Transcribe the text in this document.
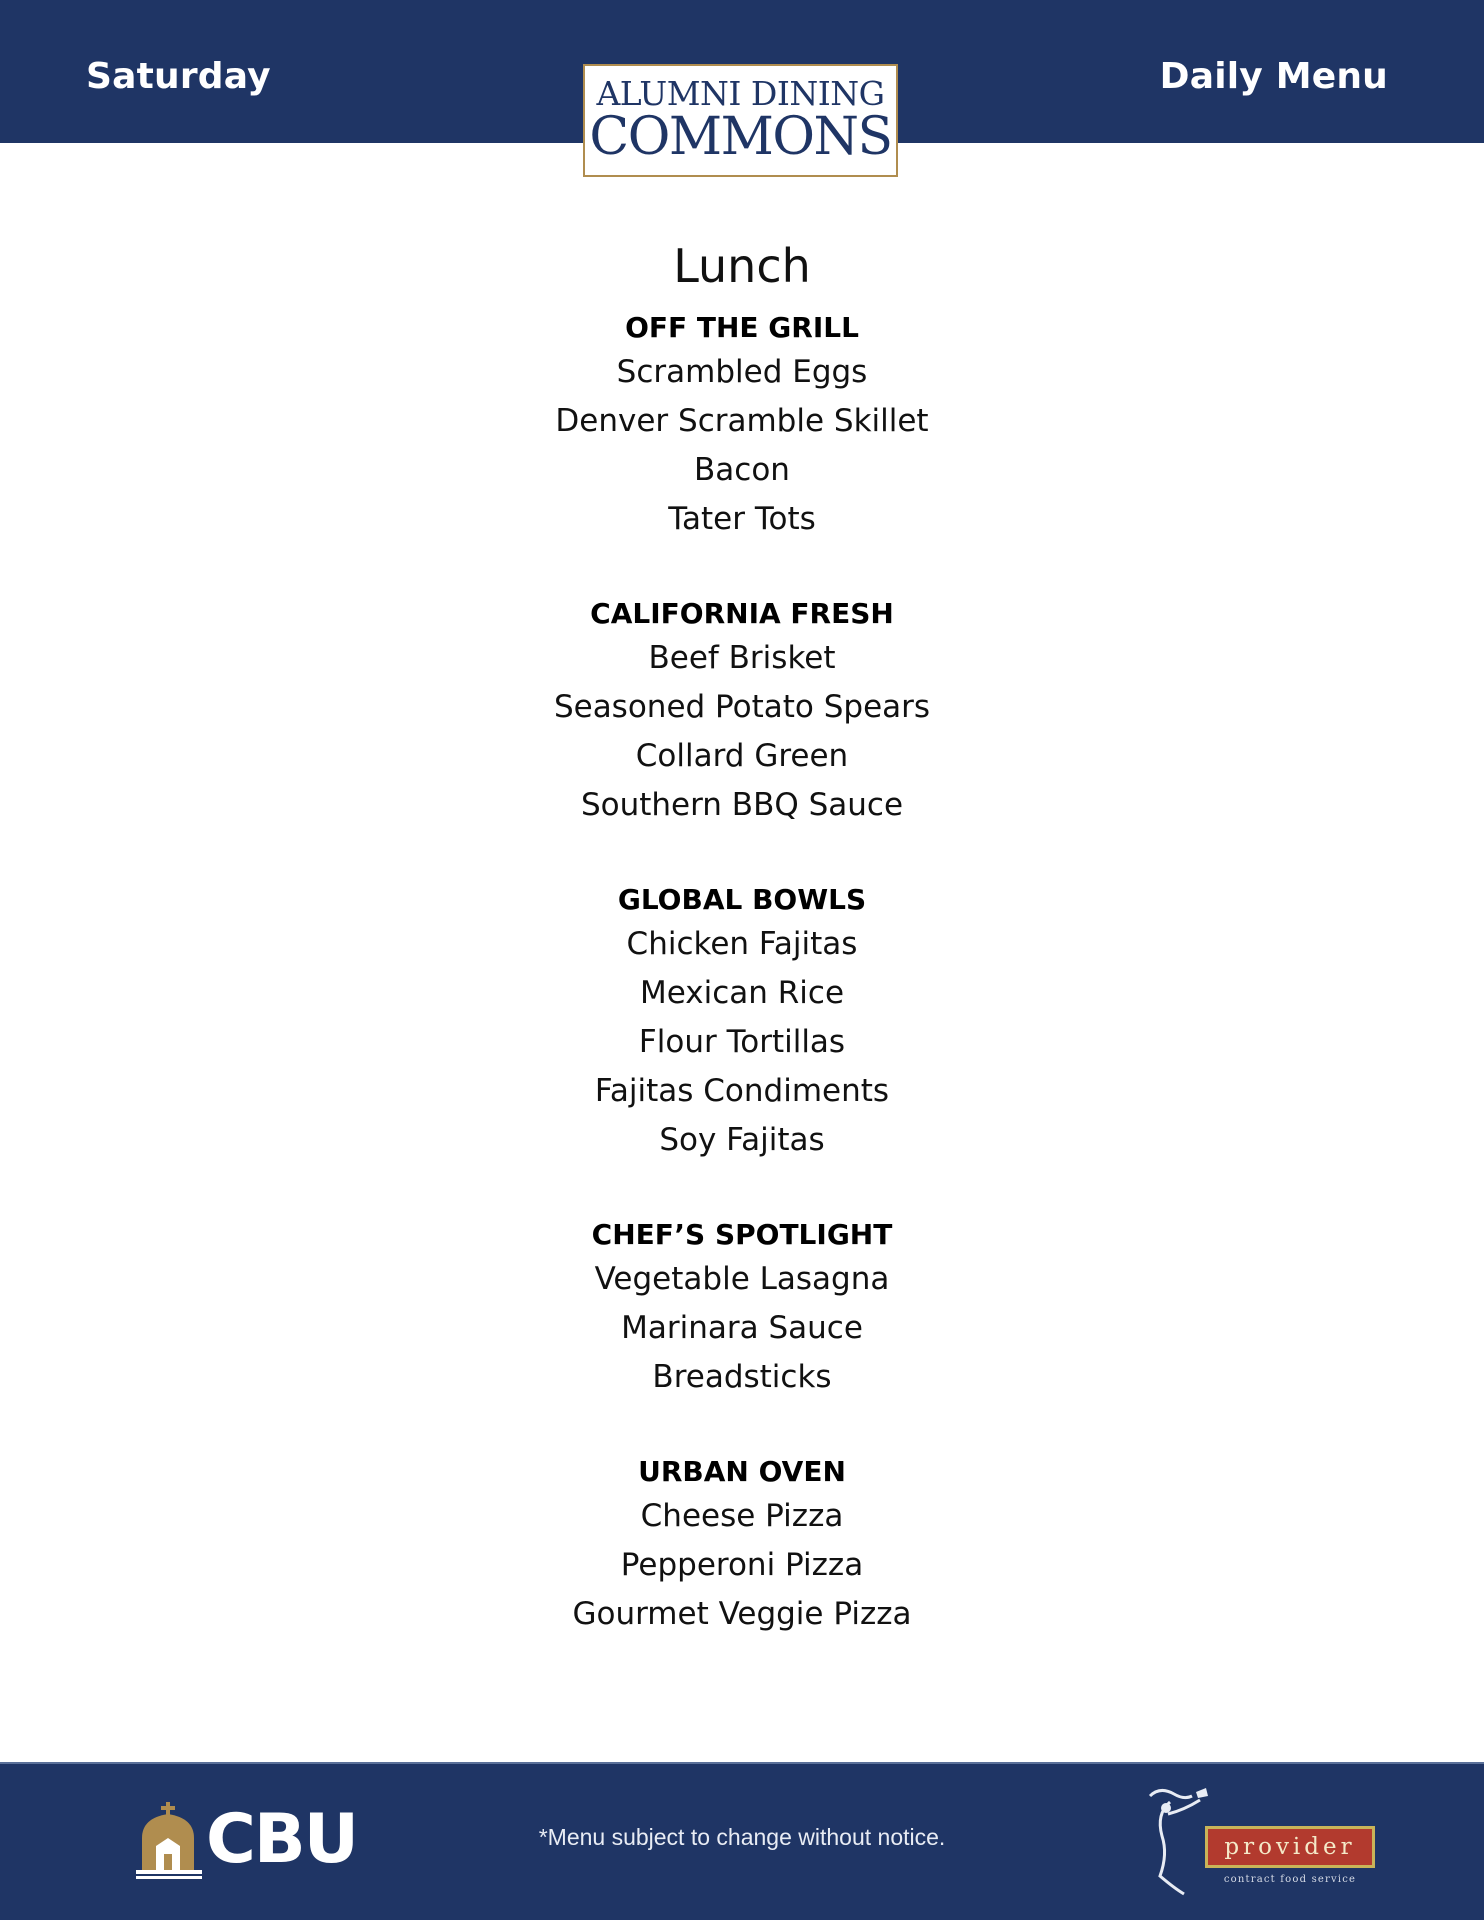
Saturday	Daily Menu
ALUMNI DINING
COMMONS
Lunch
OFF THE GRILL
Scrambled Eggs
Denver Scramble Skillet
Bacon
Tater Tots
CALIFORNIA FRESH
Beef Brisket
Seasoned Potato Spears
Collard Green
Southern BBQ Sauce
GLOBAL BOWLS
Chicken Fajitas
Mexican Rice
Flour Tortillas
Fajitas Condiments
Soy Fajitas
CHEF’S SPOTLIGHT
Vegetable Lasagna
Marinara Sauce
Breadsticks
URBAN OVEN
Cheese Pizza
Pepperoni Pizza
Gourmet Veggie Pizza
CBU	*Menu subject to change without notice.	provider
contract food service
